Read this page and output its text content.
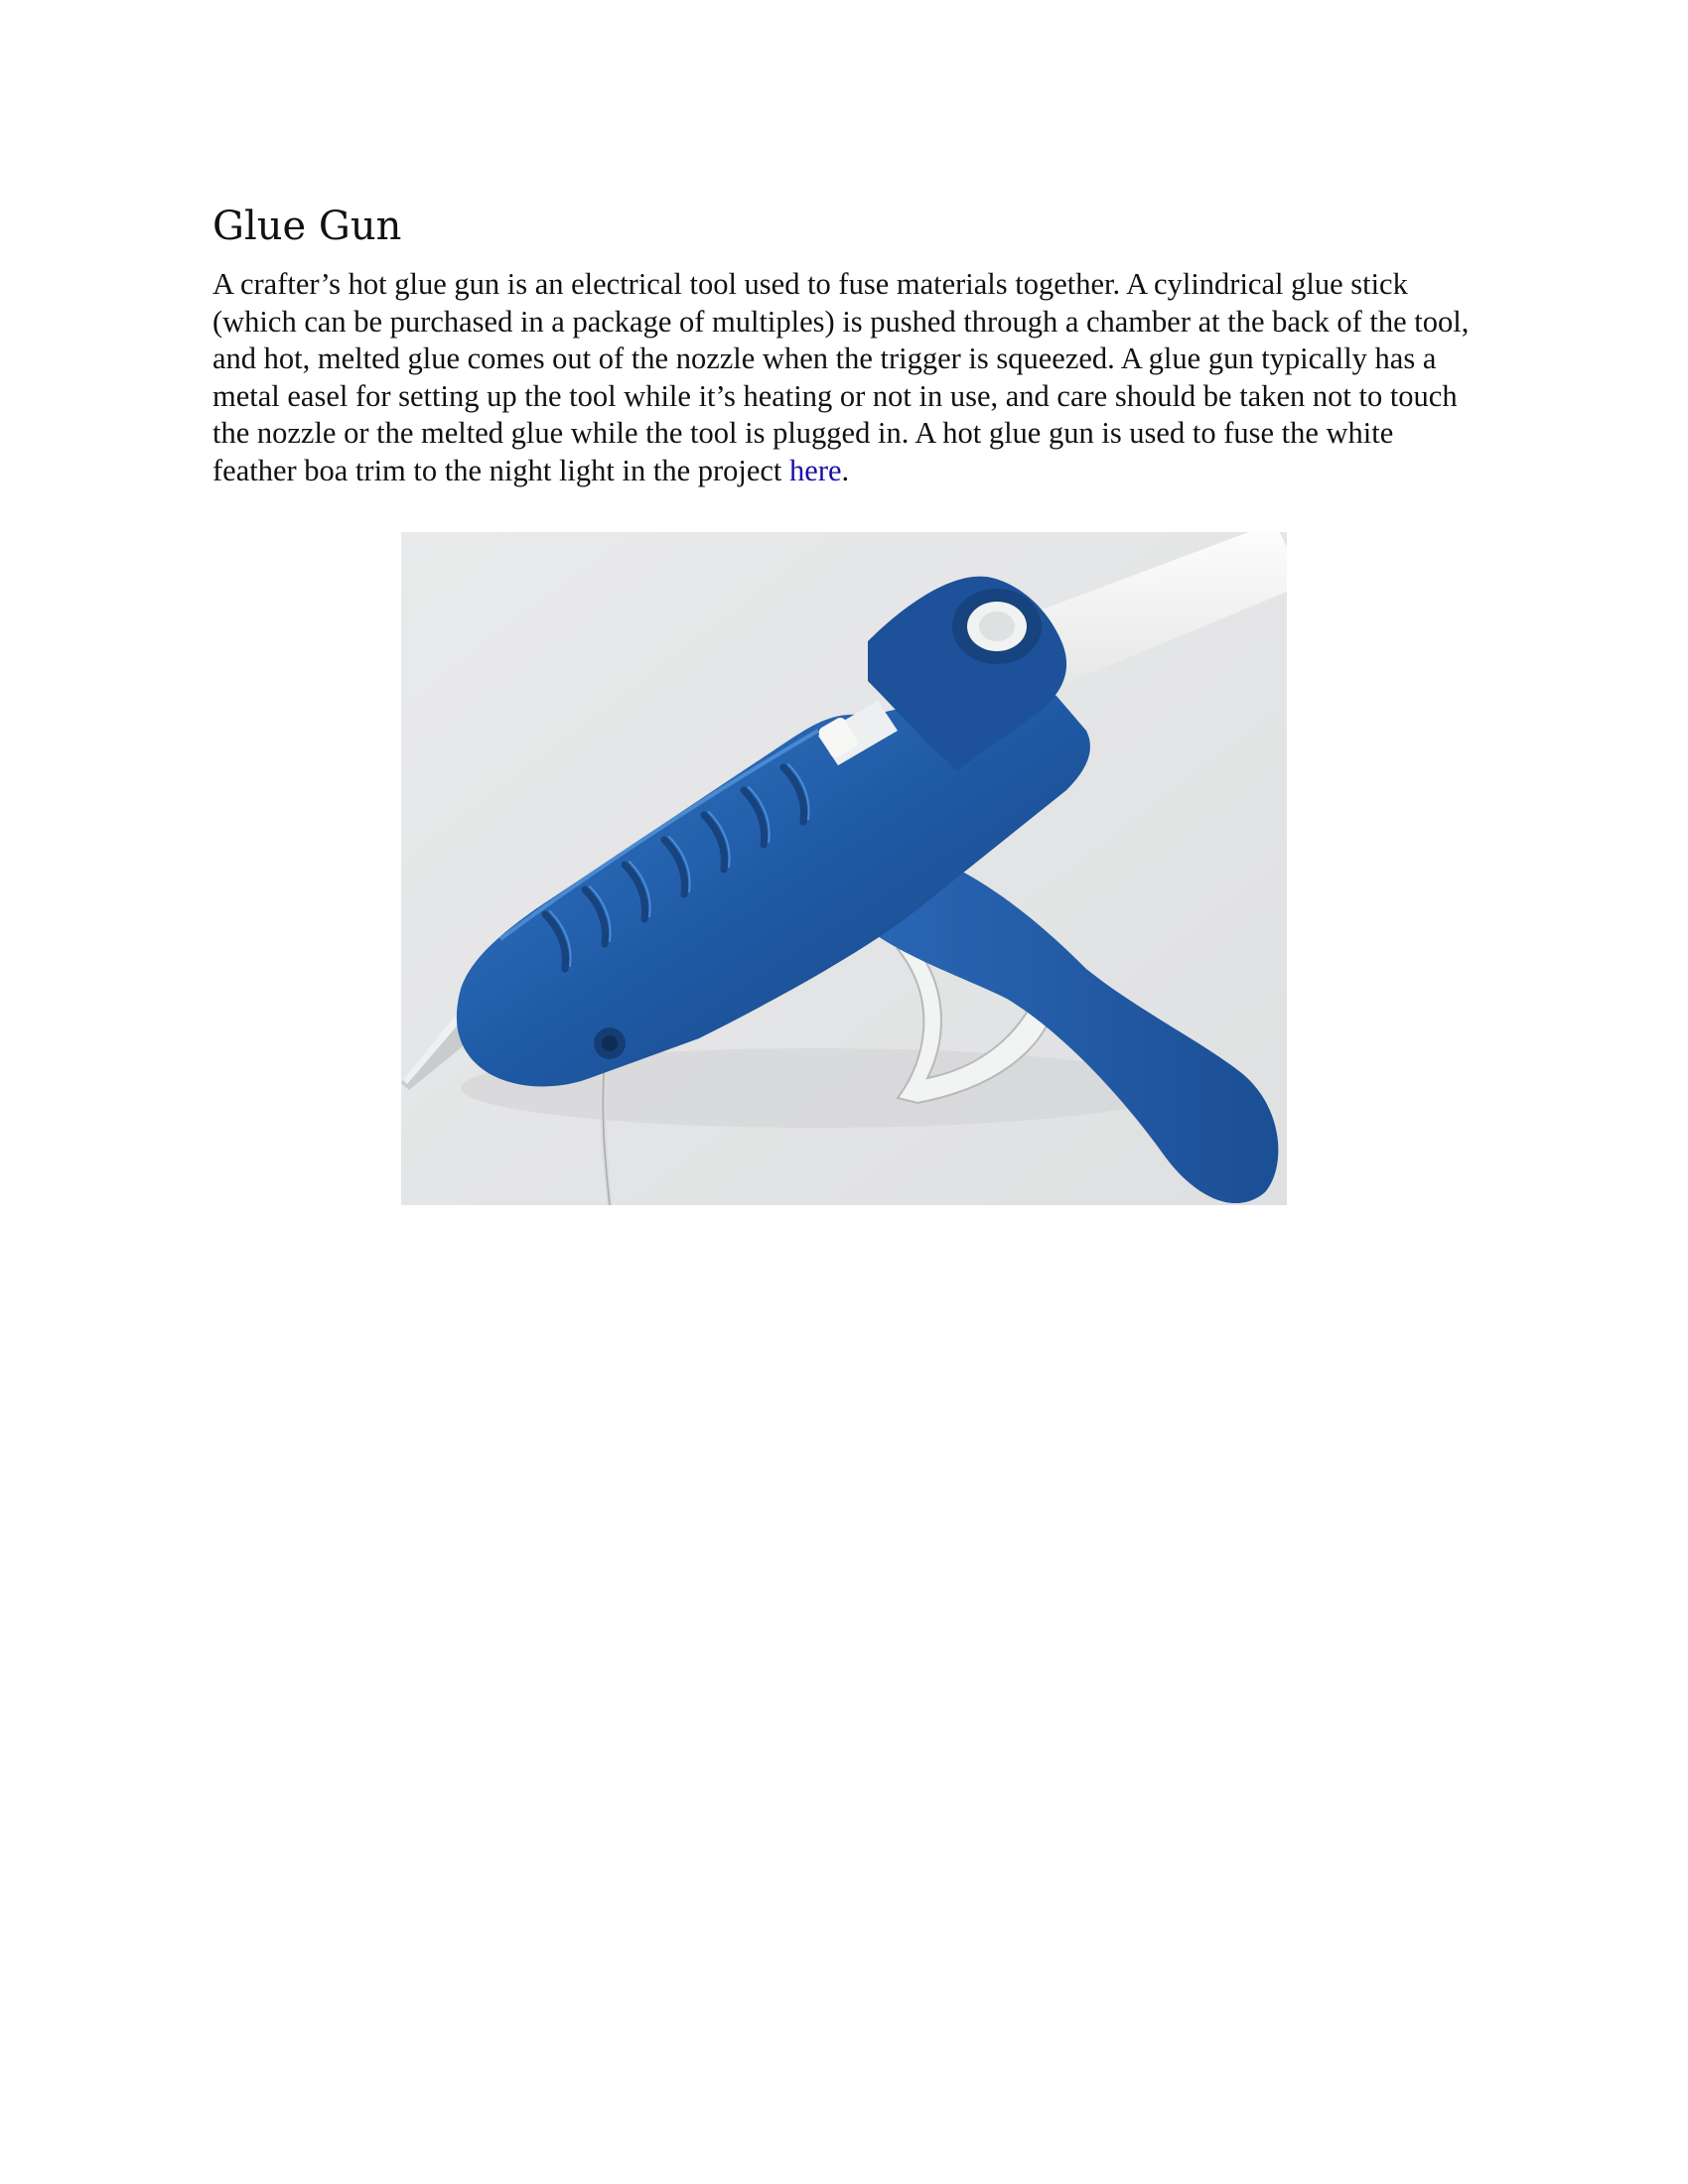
Glue Gun

A crafter’s hot glue gun is an electrical tool used to fuse materials together. A cylindrical glue stick (which can be purchased in a package of multiples) is pushed through a chamber at the back of the tool, and hot, melted glue comes out of the nozzle when the trigger is squeezed. A glue gun typically has a metal easel for setting up the tool while it’s heating or not in use, and care should be taken not to touch the nozzle or the melted glue while the tool is plugged in. A hot glue gun is used to fuse the white feather boa trim to the night light in the project here.
